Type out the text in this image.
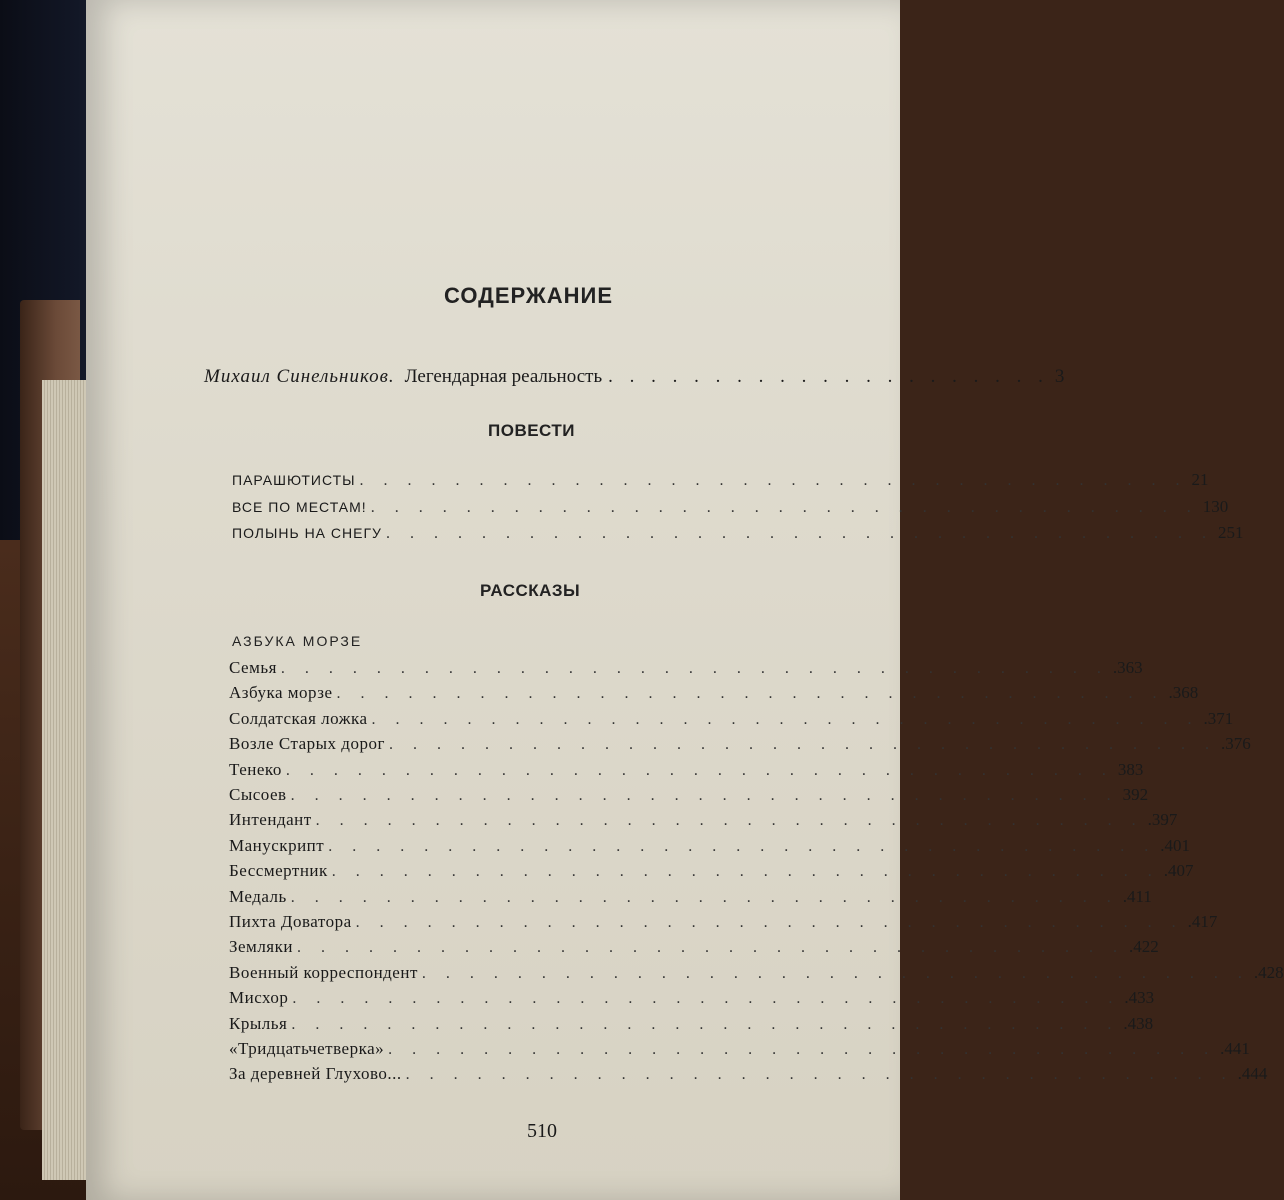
СОДЕРЖАНИЕ
Михаил Синельников. Легендарная реальность . . . . . . . . . . . . . . . . . . . . . 3
ПОВЕСТИ
ПАРАШЮТИСТЫ . . . . . . . . . . . . . . . . . . . . . . . . . . . . . . . . . . . 21
ВСЕ ПО МЕСТАМ! . . . . . . . . . . . . . . . . . . . . . . . . . . . . . . . . . . . 130
ПОЛЫНЬ НА СНЕГУ . . . . . . . . . . . . . . . . . . . . . . . . . . . . . . . . . . . 251
РАССКАЗЫ
АЗБУКА МОРЗЕ
Семья . . . . . . . . . . . . . . . . . . . . . . . . . . . . . . . . . . . .363
Азбука морзе . . . . . . . . . . . . . . . . . . . . . . . . . . . . . . . . . . . .368
Солдатская ложка . . . . . . . . . . . . . . . . . . . . . . . . . . . . . . . . . . . .371
Возле Старых дорог . . . . . . . . . . . . . . . . . . . . . . . . . . . . . . . . . . . .376
Тенеко . . . . . . . . . . . . . . . . . . . . . . . . . . . . . . . . . . . 383
Сысоев . . . . . . . . . . . . . . . . . . . . . . . . . . . . . . . . . . . 392
Интендант . . . . . . . . . . . . . . . . . . . . . . . . . . . . . . . . . . . .397
Манускрипт . . . . . . . . . . . . . . . . . . . . . . . . . . . . . . . . . . . .401
Бессмертник . . . . . . . . . . . . . . . . . . . . . . . . . . . . . . . . . . . .407
Медаль . . . . . . . . . . . . . . . . . . . . . . . . . . . . . . . . . . . .411
Пихта Доватора . . . . . . . . . . . . . . . . . . . . . . . . . . . . . . . . . . . .417
Земляки . . . . . . . . . . . . . . . . . . . . . . . . . . . . . . . . . . . .422
Военный корреспондент . . . . . . . . . . . . . . . . . . . . . . . . . . . . . . . . . . . .428
Мисхор . . . . . . . . . . . . . . . . . . . . . . . . . . . . . . . . . . . .433
Крылья . . . . . . . . . . . . . . . . . . . . . . . . . . . . . . . . . . . .438
«Тридцатьчетверка» . . . . . . . . . . . . . . . . . . . . . . . . . . . . . . . . . . . .441
За деревней Глухово... . . . . . . . . . . . . . . . . . . . . . . . . . . . . . . . . . . . .444
510
